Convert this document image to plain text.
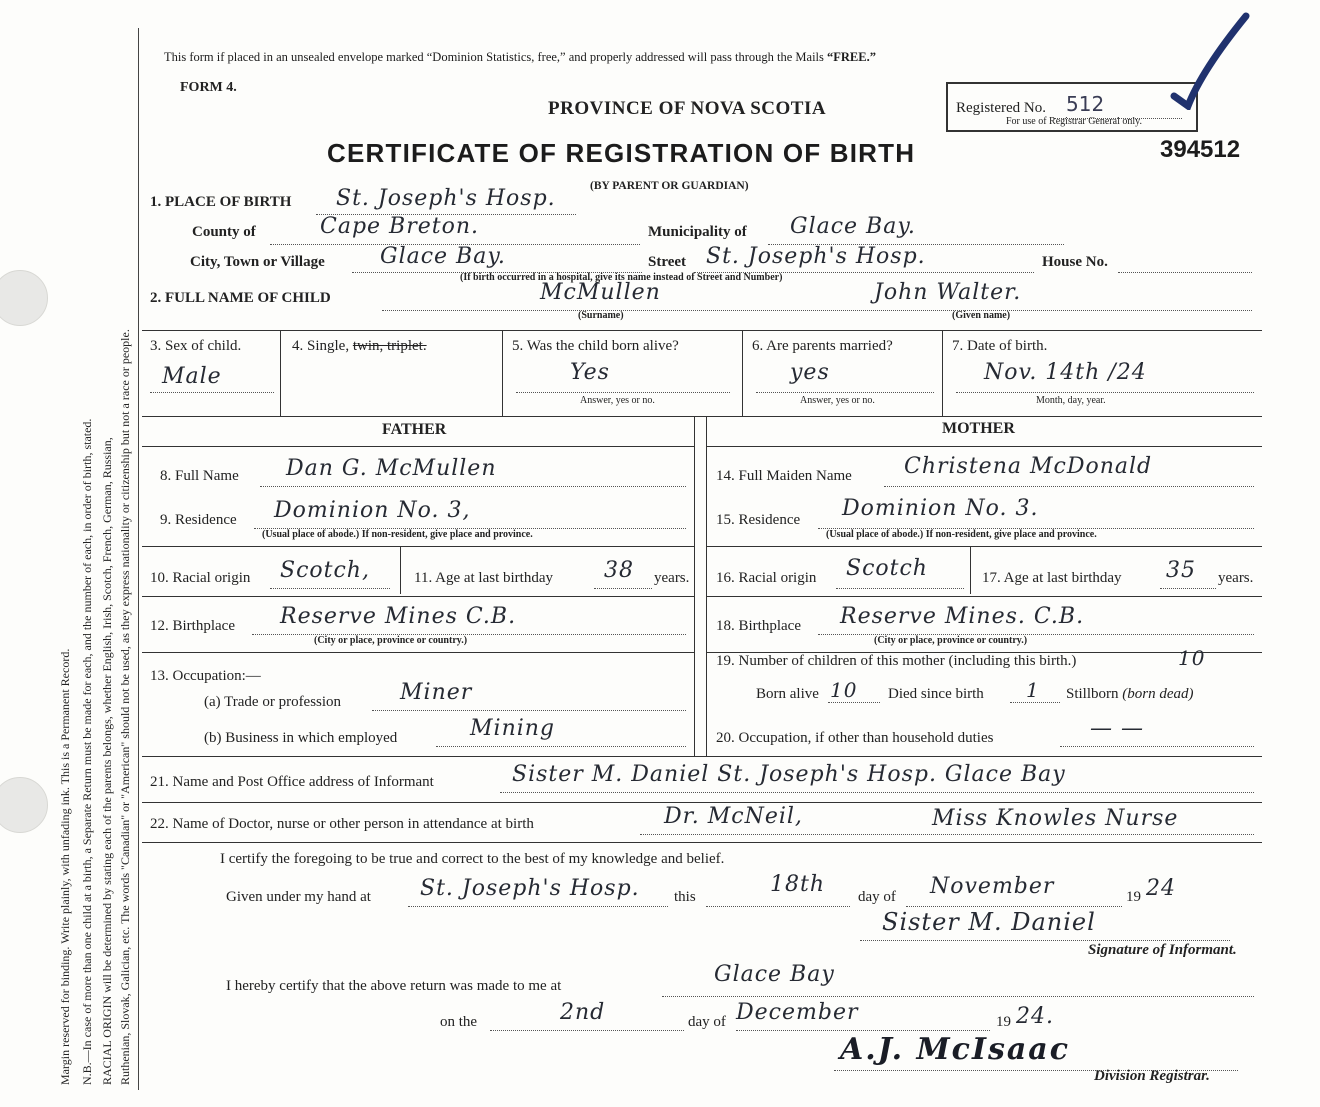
Margin reserved for binding. Write plainly, with unfading ink. This is a Permanent Record. N.B.—In case of more than one child at a birth, a Separate Return must be made for each, and the number of each, in order of birth, stated. RACIAL ORIGIN will be determined by stating each of the parents belongs, whether English, Irish, Scotch, French, German, Russian, Ruthenian, Slovak, Galician, etc. The words "Canadian" or "American" should not be used, as they express nationality or citizenship but not a race or people.
This form if placed in an unsealed envelope marked “Dominion Statistics, free,” and properly addressed will pass through the Mails “FREE.”
FORM 4.
PROVINCE OF NOVA SCOTIA
CERTIFICATE OF REGISTRATION OF BIRTH
(BY PARENT OR GUARDIAN)
Registered No. 512
For use of Registrar General only.
394512
1. PLACE OF BIRTH St. Joseph's Hosp.
County of	Cape Breton.	Municipality of Glace Bay.
City, Town or Village	Glace Bay.	Street St. Joseph's Hosp.	House No.
(If birth occurred in a hospital, give its name instead of Street and Number)
2. FULL NAME OF CHILD	McMullen	John Walter.
(Surname)	(Given name)
3. Sex of child.
Male
4. Single, twin, triplet.	5. Was the child born alive?
Yes
Answer, yes or no.
6. Are parents married?
yes
Answer, yes or no.
7. Date of birth.
Nov. 14th /24
Month, day, year.
FATHER	MOTHER
8. Full Name Dan G. McMullen
9. Residence Dominion No. 3,
(Usual place of abode.) If non-resident, give place and province.
10. Racial origin Scotch,	11. Age at last birthday 38 years.
12. Birthplace Reserve Mines C.B.
(City or place, province or country.)
13. Occupation:—
(a) Trade or profession	Miner
(b) Business in which employed	Mining
14. Full Maiden Name Christena McDonald
15. Residence Dominion No. 3.
(Usual place of abode.) If non-resident, give place and province.
16. Racial origin Scotch	17. Age at last birthday 35 years.
18. Birthplace Reserve Mines. C.B.
(City or place, province or country.)
19. Number of children of this mother (including this birth.)	10
Born alive 10 Died since birth 1 Stillborn (born dead)
20. Occupation, if other than household duties	— —
21. Name and Post Office address of Informant	Sister M. Daniel St. Joseph's Hosp. Glace Bay
22. Name of Doctor, nurse or other person in attendance at birth	Dr. McNeil,	Miss Knowles Nurse
I certify the foregoing to be true and correct to the best of my knowledge and belief.
Given under my hand at St. Joseph's Hosp. this	18th day of November	19 24
Sister M. Daniel
Signature of Informant.
I hereby certify that the above return was made to me at	Glace Bay
on the	2nd	day of December	19 24.
A.J. McIsaac
Division Registrar.
